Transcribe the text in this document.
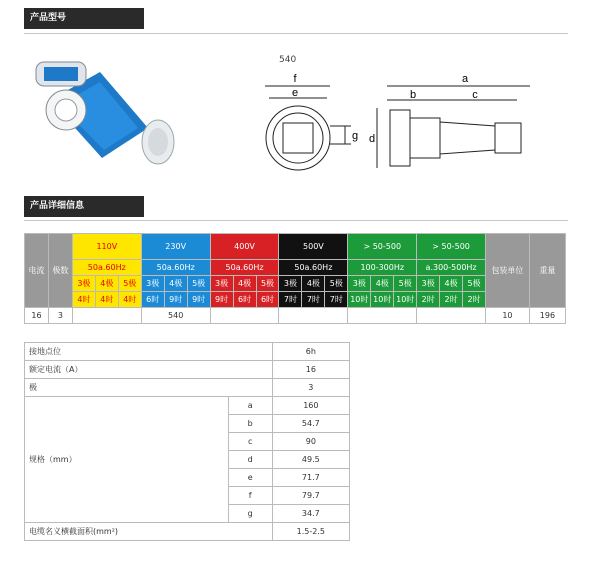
产品型号
540
f
e
g
a
b	c
d
产品详细信息
电流	极数	110V			230V			400V			500V			> 50-500			> 50-500			包装单位	重量
		50a.60Hz			50a.60Hz			50a.60Hz			50a.60Hz			100-300Hz			a.300-500Hz				
		3极	4极	5极	3极	4极	5极	3极	4极	5极	3极	4极	5极	3极	4极	5极	3极	4极	5极		
		4时	4时	4时	6时	9时	9时	9时	6时	6时	7时	7时	7时	10时	10时	10时	2时	2时	2时		
16	3				540															10	196
接地点位		6h
额定电流（A）		16
极		3
规格（mm）	a	160
	b	54.7
	c	90
	d	49.5
	e	71.7
	f	79.7
	g	34.7
电缆名义横截面积(mm²)		1.5-2.5
